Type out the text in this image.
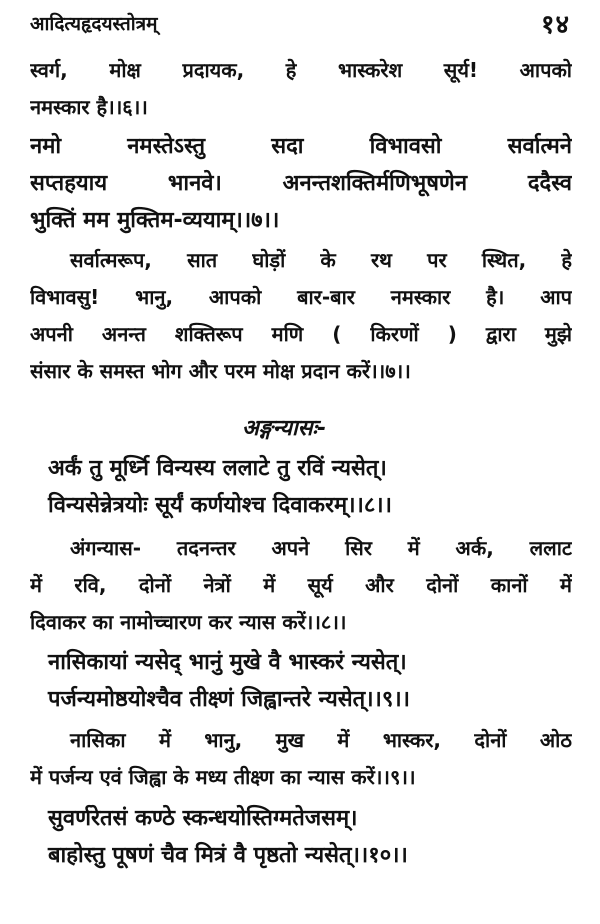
आदित्यहृदयस्तोत्रम्	१४
स्वर्ग, मोक्ष प्रदायक, हे भास्करेश सूर्य! आपको
नमस्कार है।।६।।
नमो नमस्तेऽस्तु सदा विभावसो सर्वात्मने
सप्तहयाय भानवे। अनन्तशक्तिर्मणिभूषणेन ददैस्व
भुक्तिं मम मुक्तिम-व्ययाम्।।७।।
सर्वात्मरूप, सात घोड़ों के रथ पर स्थित, हे
विभावसु! भानु, आपको बार-बार नमस्कार है। आप
अपनी अनन्त शक्तिरूप मणि ( किरणों ) द्वारा मुझे
संसार के समस्त भोग और परम मोक्ष प्रदान करें।।७।।
अङ्गन्यासः-
अर्कं तु मूर्ध्नि विन्यस्य ललाटे तु रविं न्यसेत्।
विन्यसेन्नेत्रयोः सूर्यं कर्णयोश्च दिवाकरम्।।८।।
अंगन्यास- तदनन्तर अपने सिर में अर्क, ललाट
में रवि, दोनों नेत्रों में सूर्य और दोनों कानों में
दिवाकर का नामोच्चारण कर न्यास करें।।८।।
नासिकायां न्यसेद् भानुं मुखे वै भास्करं न्यसेत्।
पर्जन्यमोष्ठयोश्चैव तीक्ष्णं जिह्वान्तरे न्यसेत्।।९।।
नासिका में भानु, मुख में भास्कर, दोनों ओठ
में पर्जन्य एवं जिह्वा के मध्य तीक्ष्ण का न्यास करें।।९।।
सुवर्णरेतसं कण्ठे स्कन्धयोस्तिग्मतेजसम्।
बाहोस्तु पूषणं चैव मित्रं वै पृष्ठतो न्यसेत्।।१०।।
